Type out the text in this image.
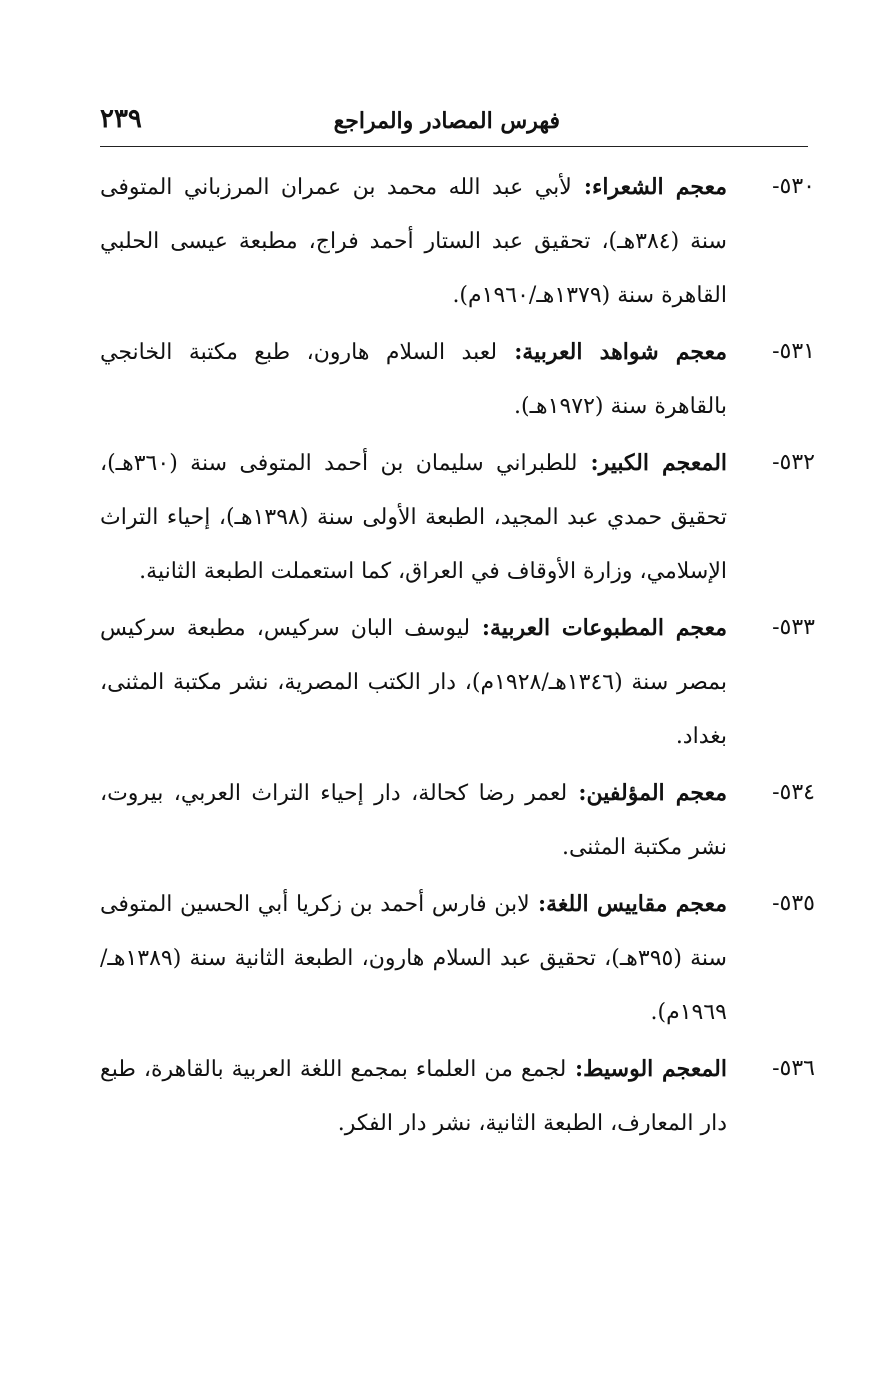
فهرس المصادر والمراجع
٢٣٩
٥٣٠-
معجم الشعراء: لأبي عبد الله محمد بن عمران المرزباني المتوفى سنة (٣٨٤هـ)، تحقيق عبد الستار أحمد فراج، مطبعة عيسى الحلبي القاهرة سنة (١٣٧٩هـ/١٩٦٠م).
٥٣١-
معجم شواهد العربية: لعبد السلام هارون، طبع مكتبة الخانجي بالقاهرة سنة (١٩٧٢هـ).
٥٣٢-
المعجم الكبير: للطبراني سليمان بن أحمد المتوفى سنة (٣٦٠هـ)، تحقيق حمدي عبد المجيد، الطبعة الأولى سنة (١٣٩٨هـ)، إحياء التراث الإسلامي، وزارة الأوقاف في العراق، كما استعملت الطبعة الثانية.
٥٣٣-
معجم المطبوعات العربية: ليوسف البان سركيس، مطبعة سركيس بمصر سنة (١٣٤٦هـ/١٩٢٨م)، دار الكتب المصرية، نشر مكتبة المثنى، بغداد.
٥٣٤-
معجم المؤلفين: لعمر رضا كحالة، دار إحياء التراث العربي، بيروت، نشر مكتبة المثنى.
٥٣٥-
معجم مقاييس اللغة: لابن فارس أحمد بن زكريا أبي الحسين المتوفى سنة (٣٩٥هـ)، تحقيق عبد السلام هارون، الطبعة الثانية سنة (١٣٨٩هـ/١٩٦٩م).
٥٣٦-
المعجم الوسيط: لجمع من العلماء بمجمع اللغة العربية بالقاهرة، طبع دار المعارف، الطبعة الثانية، نشر دار الفكر.
